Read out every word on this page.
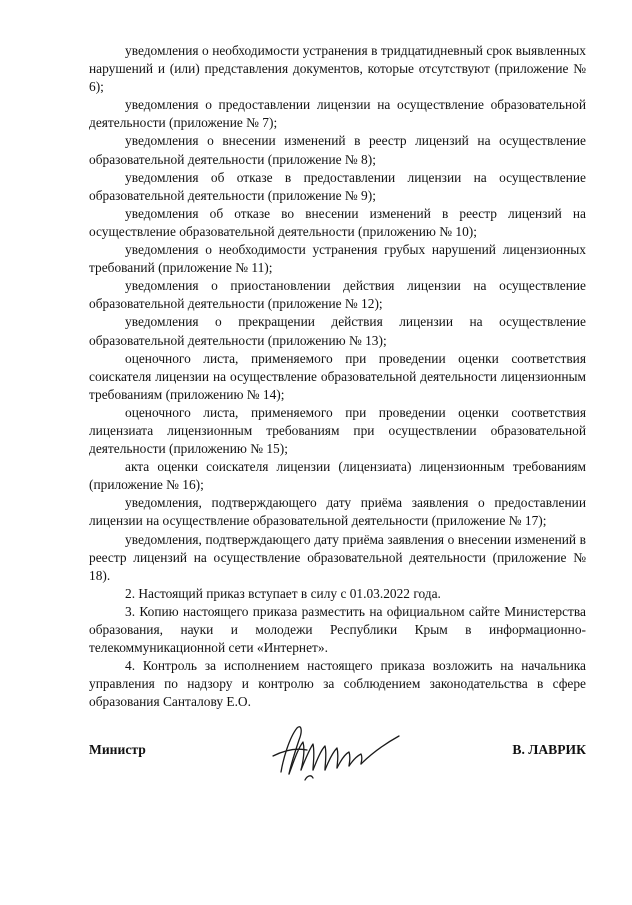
уведомления о необходимости устранения в тридцатидневный срок выявленных нарушений и (или) представления документов, которые отсутствуют (приложение № 6);

уведомления о предоставлении лицензии на осуществление образовательной деятельности (приложение № 7);

уведомления о внесении изменений в реестр лицензий на осуществление образовательной деятельности (приложение № 8);

уведомления об отказе в предоставлении лицензии на осуществление образовательной деятельности (приложение № 9);

уведомления об отказе во внесении изменений в реестр лицензий на осуществление образовательной деятельности (приложению № 10);

уведомления о необходимости устранения грубых нарушений лицензионных требований (приложение № 11);

уведомления о приостановлении действия лицензии на осуществление образовательной деятельности (приложение № 12);

уведомления о прекращении действия лицензии на осуществление образовательной деятельности (приложению № 13);

оценочного листа, применяемого при проведении оценки соответствия соискателя лицензии на осуществление образовательной деятельности лицензионным требованиям (приложению № 14);

оценочного листа, применяемого при проведении оценки соответствия лицензиата лицензионным требованиям при осуществлении образовательной деятельности (приложению № 15);

акта оценки соискателя лицензии (лицензиата) лицензионным требованиям (приложение № 16);

уведомления, подтверждающего дату приёма заявления о предоставлении лицензии на осуществление образовательной деятельности (приложение № 17);

уведомления, подтверждающего дату приёма заявления о внесении изменений в реестр лицензий на осуществление образовательной деятельности (приложение № 18).

2. Настоящий приказ вступает в силу с 01.03.2022 года.

3. Копию настоящего приказа разместить на официальном сайте Министерства образования, науки и молодежи Республики Крым в информационно-телекоммуникационной сети «Интернет».

4. Контроль за исполнением настоящего приказа возложить на начальника управления по надзору и контролю за соблюдением законодательства в сфере образования Санталову Е.О.

Министр	В. ЛАВРИК
